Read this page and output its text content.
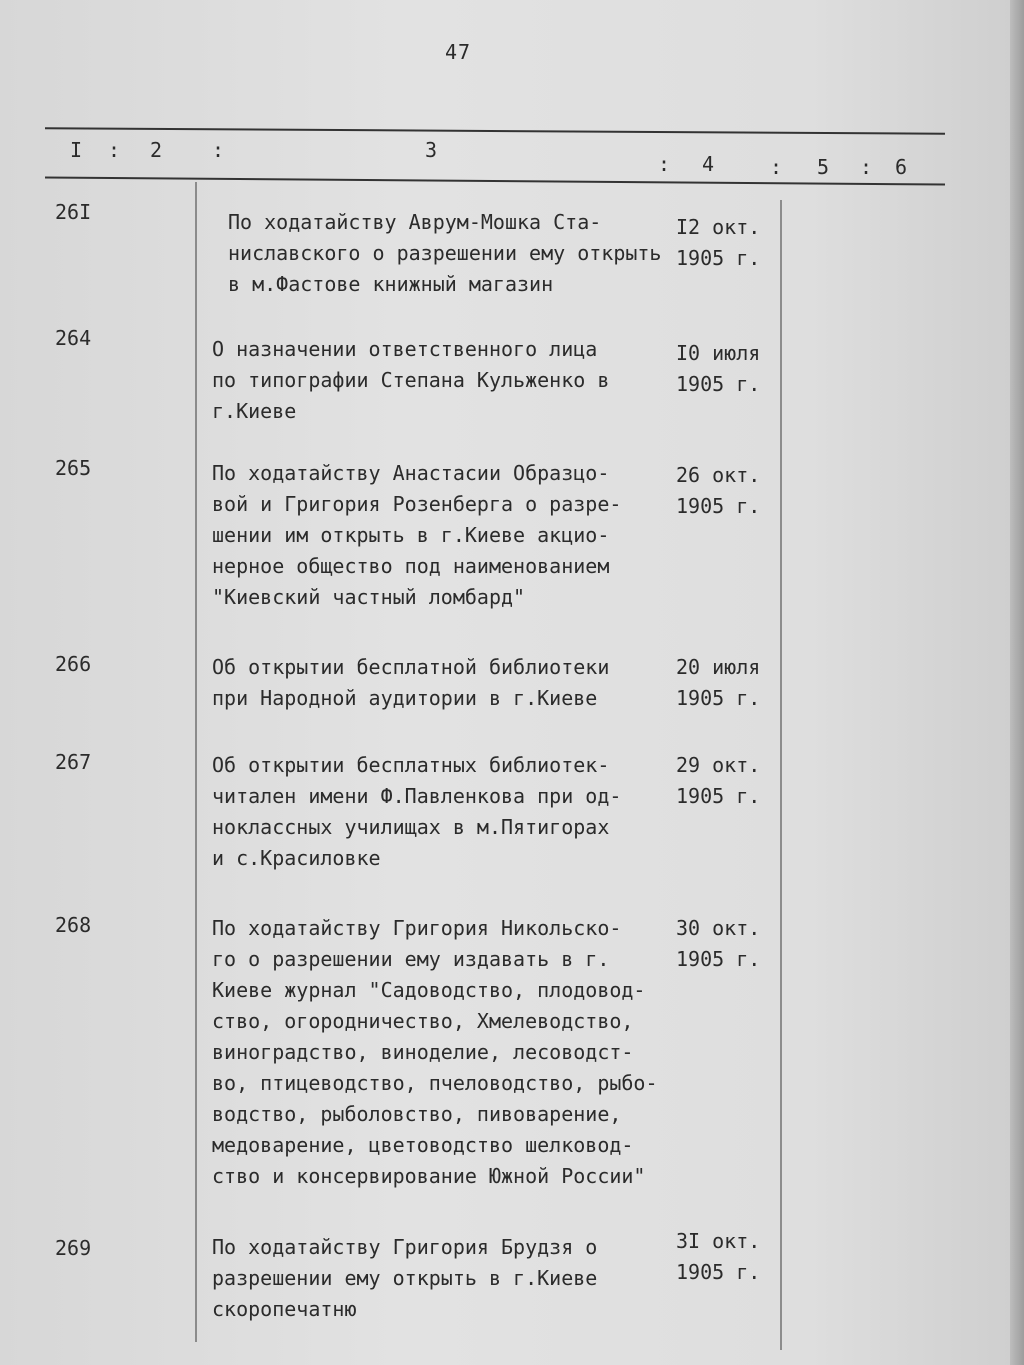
47
I : 2 :	3
: 4	: 5 : 6
26I	По ходатайству Аврум-Мошка Ста-
ниславского о разрешении ему открыть
в м.Фастове книжный магазин
I2 окт.
1905 г.
264	О назначении ответственного лица
по типографии Степана Кульженко в
г.Киеве
I0 июля
1905 г.
265	По ходатайству Анастасии Образцо-
вой и Григория Розенберга о разре-
шении им открыть в г.Киеве акцио-
нерное общество под наименованием
"Киевский частный ломбард"
26 окт.
1905 г.
266	Об открытии бесплатной библиотеки
при Народной аудитории в г.Киеве
20 июля
1905 г.
267	Об открытии бесплатных библиотек-
читален имени Ф.Павленкова при од-
ноклассных училищах в м.Пятигорах
и с.Красиловке
29 окт.
1905 г.
268	По ходатайству Григория Никольско-
го о разрешении ему издавать в г.
Киеве журнал "Садоводство, плодовод-
ство, огородничество, Хмелеводство,
виноградство, виноделие, лесоводст-
во, птицеводство, пчеловодство, рыбо-
водство, рыболовство, пивоварение,
медоварение, цветоводство шелковод-
ство и консервирование Южной России"
30 окт.
1905 г.
269	По ходатайству Григория Брудзя о
разрешении ему открыть в г.Киеве
скоропечатню
3I окт.
1905 г.
